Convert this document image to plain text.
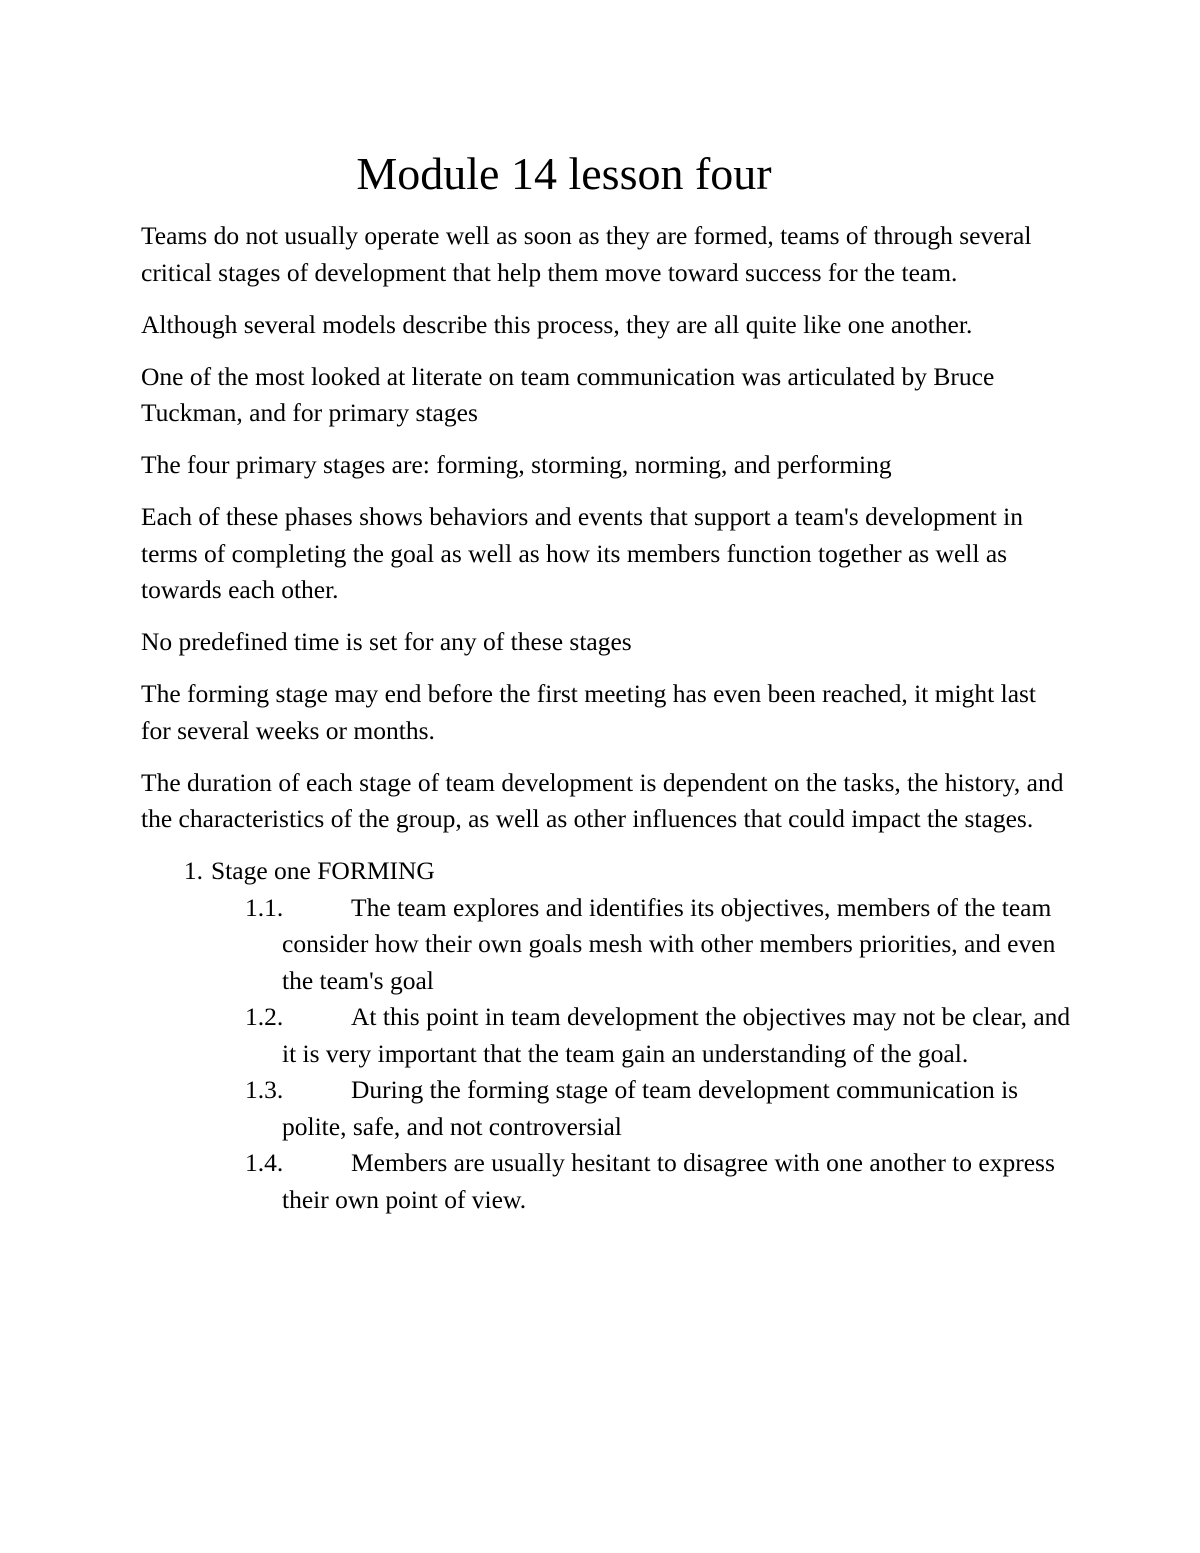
Module 14 lesson four

Teams do not usually operate well as soon as they are formed, teams of through several critical stages of development that help them move toward success for the team.

Although several models describe this process, they are all quite like one another.

One of the most looked at literate on team communication was articulated by Bruce Tuckman, and for primary stages

The four primary stages are: forming, storming, norming, and performing

Each of these phases shows behaviors and events that support a team's development in terms of completing the goal as well as how its members function together as well as towards each other.

No predefined time is set for any of these stages

The forming stage may end before the first meeting has even been reached, it might last for several weeks or months.

The duration of each stage of team development is dependent on the tasks, the history, and the characteristics of the group, as well as other influences that could impact the stages.

1. Stage one FORMING
1.1.	The team explores and identifies its objectives, members of the team consider how their own goals mesh with other members priorities, and even the team's goal
1.2.	At this point in team development the objectives may not be clear, and it is very important that the team gain an understanding of the goal.
1.3.	During the forming stage of team development communication is polite, safe, and not controversial
1.4.	Members are usually hesitant to disagree with one another to express their own point of view.
